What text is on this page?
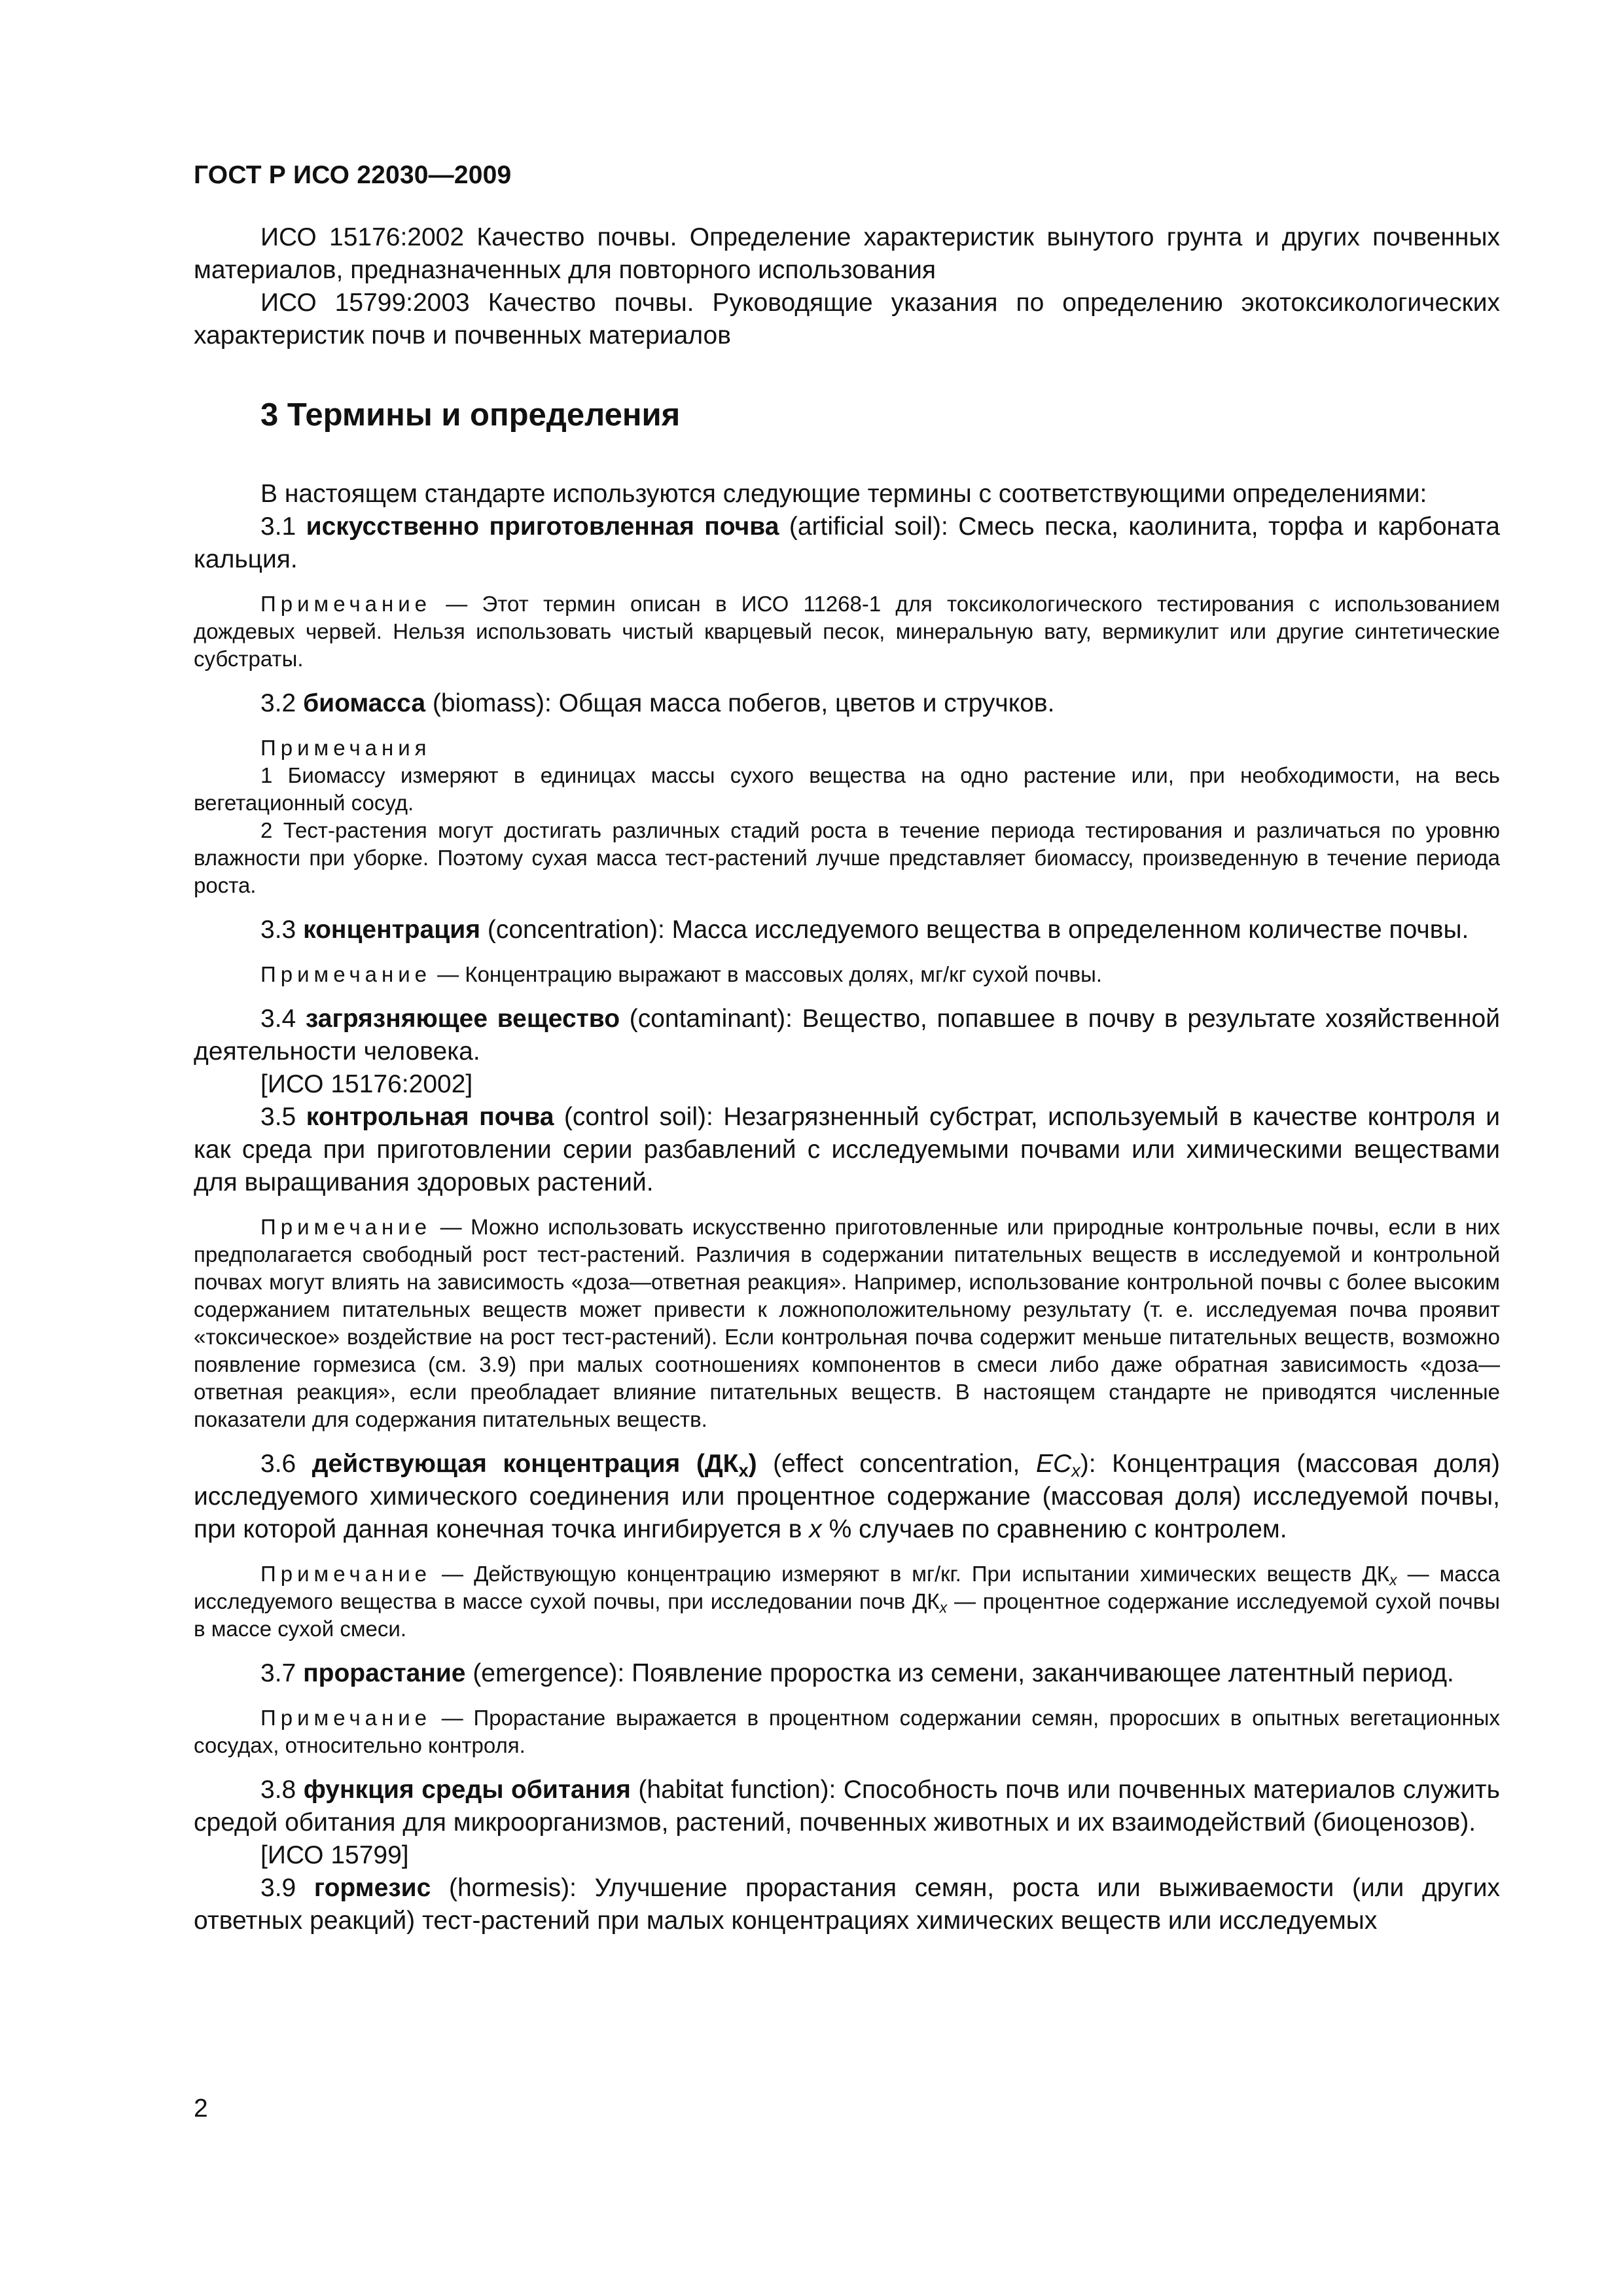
ГОСТ Р ИСО 22030—2009

ИСО 15176:2002 Качество почвы. Определение характеристик вынутого грунта и других почвенных материалов, предназначенных для повторного использования

ИСО 15799:2003 Качество почвы. Руководящие указания по определению экотоксикологических характеристик почв и почвенных материалов

3 Термины и определения

В настоящем стандарте используются следующие термины с соответствующими определениями:

3.1 искусственно приготовленная почва (artificial soil): Смесь песка, каолинита, торфа и карбоната кальция.

Примечание — Этот термин описан в ИСО 11268-1 для токсикологического тестирования с использованием дождевых червей. Нельзя использовать чистый кварцевый песок, минеральную вату, вермикулит или другие синтетические субстраты.

3.2 биомасса (biomass): Общая масса побегов, цветов и стручков.

Примечания

1 Биомассу измеряют в единицах массы сухого вещества на одно растение или, при необходимости, на весь вегетационный сосуд.

2 Тест-растения могут достигать различных стадий роста в течение периода тестирования и различаться по уровню влажности при уборке. Поэтому сухая масса тест-растений лучше представляет биомассу, произведенную в течение периода роста.

3.3 концентрация (concentration): Масса исследуемого вещества в определенном количестве почвы.

Примечание — Концентрацию выражают в массовых долях, мг/кг сухой почвы.

3.4 загрязняющее вещество (contaminant): Вещество, попавшее в почву в результате хозяйственной деятельности человека.

[ИСО 15176:2002]

3.5 контрольная почва (control soil): Незагрязненный субстрат, используемый в качестве контроля и как среда при приготовлении серии разбавлений с исследуемыми почвами или химическими веществами для выращивания здоровых растений.

Примечание — Можно использовать искусственно приготовленные или природные контрольные почвы, если в них предполагается свободный рост тест-растений. Различия в содержании питательных веществ в исследуемой и контрольной почвах могут влиять на зависимость «доза—ответная реакция». Например, использование контрольной почвы с более высоким содержанием питательных веществ может привести к ложноположительному результату (т. е. исследуемая почва проявит «токсическое» воздействие на рост тест-растений). Если контрольная почва содержит меньше питательных веществ, возможно появление гормезиса (см. 3.9) при малых соотношениях компонентов в смеси либо даже обратная зависимость «доза—ответная реакция», если преобладает влияние питательных веществ. В настоящем стандарте не приводятся численные показатели для содержания питательных веществ.

3.6 действующая концентрация $(ДК_x)$ (effect concentration, $EC_x$): Концентрация (массовая доля) исследуемого химического соединения или процентное содержание (массовая доля) исследуемой почвы, при которой данная конечная точка ингибируется в x % случаев по сравнению с контролем.

Примечание — Действующую концентрацию измеряют в мг/кг. При испытании химических веществ $ДК_x$ — масса исследуемого вещества в массе сухой почвы, при исследовании почв $ДК_x$ — процентное содержание исследуемой сухой почвы в массе сухой смеси.

3.7 прорастание (emergence): Появление проростка из семени, заканчивающее латентный период.

Примечание — Прорастание выражается в процентном содержании семян, проросших в опытных вегетационных сосудах, относительно контроля.

3.8 функция среды обитания (habitat function): Способность почв или почвенных материалов служить средой обитания для микроорганизмов, растений, почвенных животных и их взаимодействий (биоценозов).

[ИСО 15799]

3.9 гормезис (hormesis): Улучшение прорастания семян, роста или выживаемости (или других ответных реакций) тест-растений при малых концентрациях химических веществ или исследуемых

2
